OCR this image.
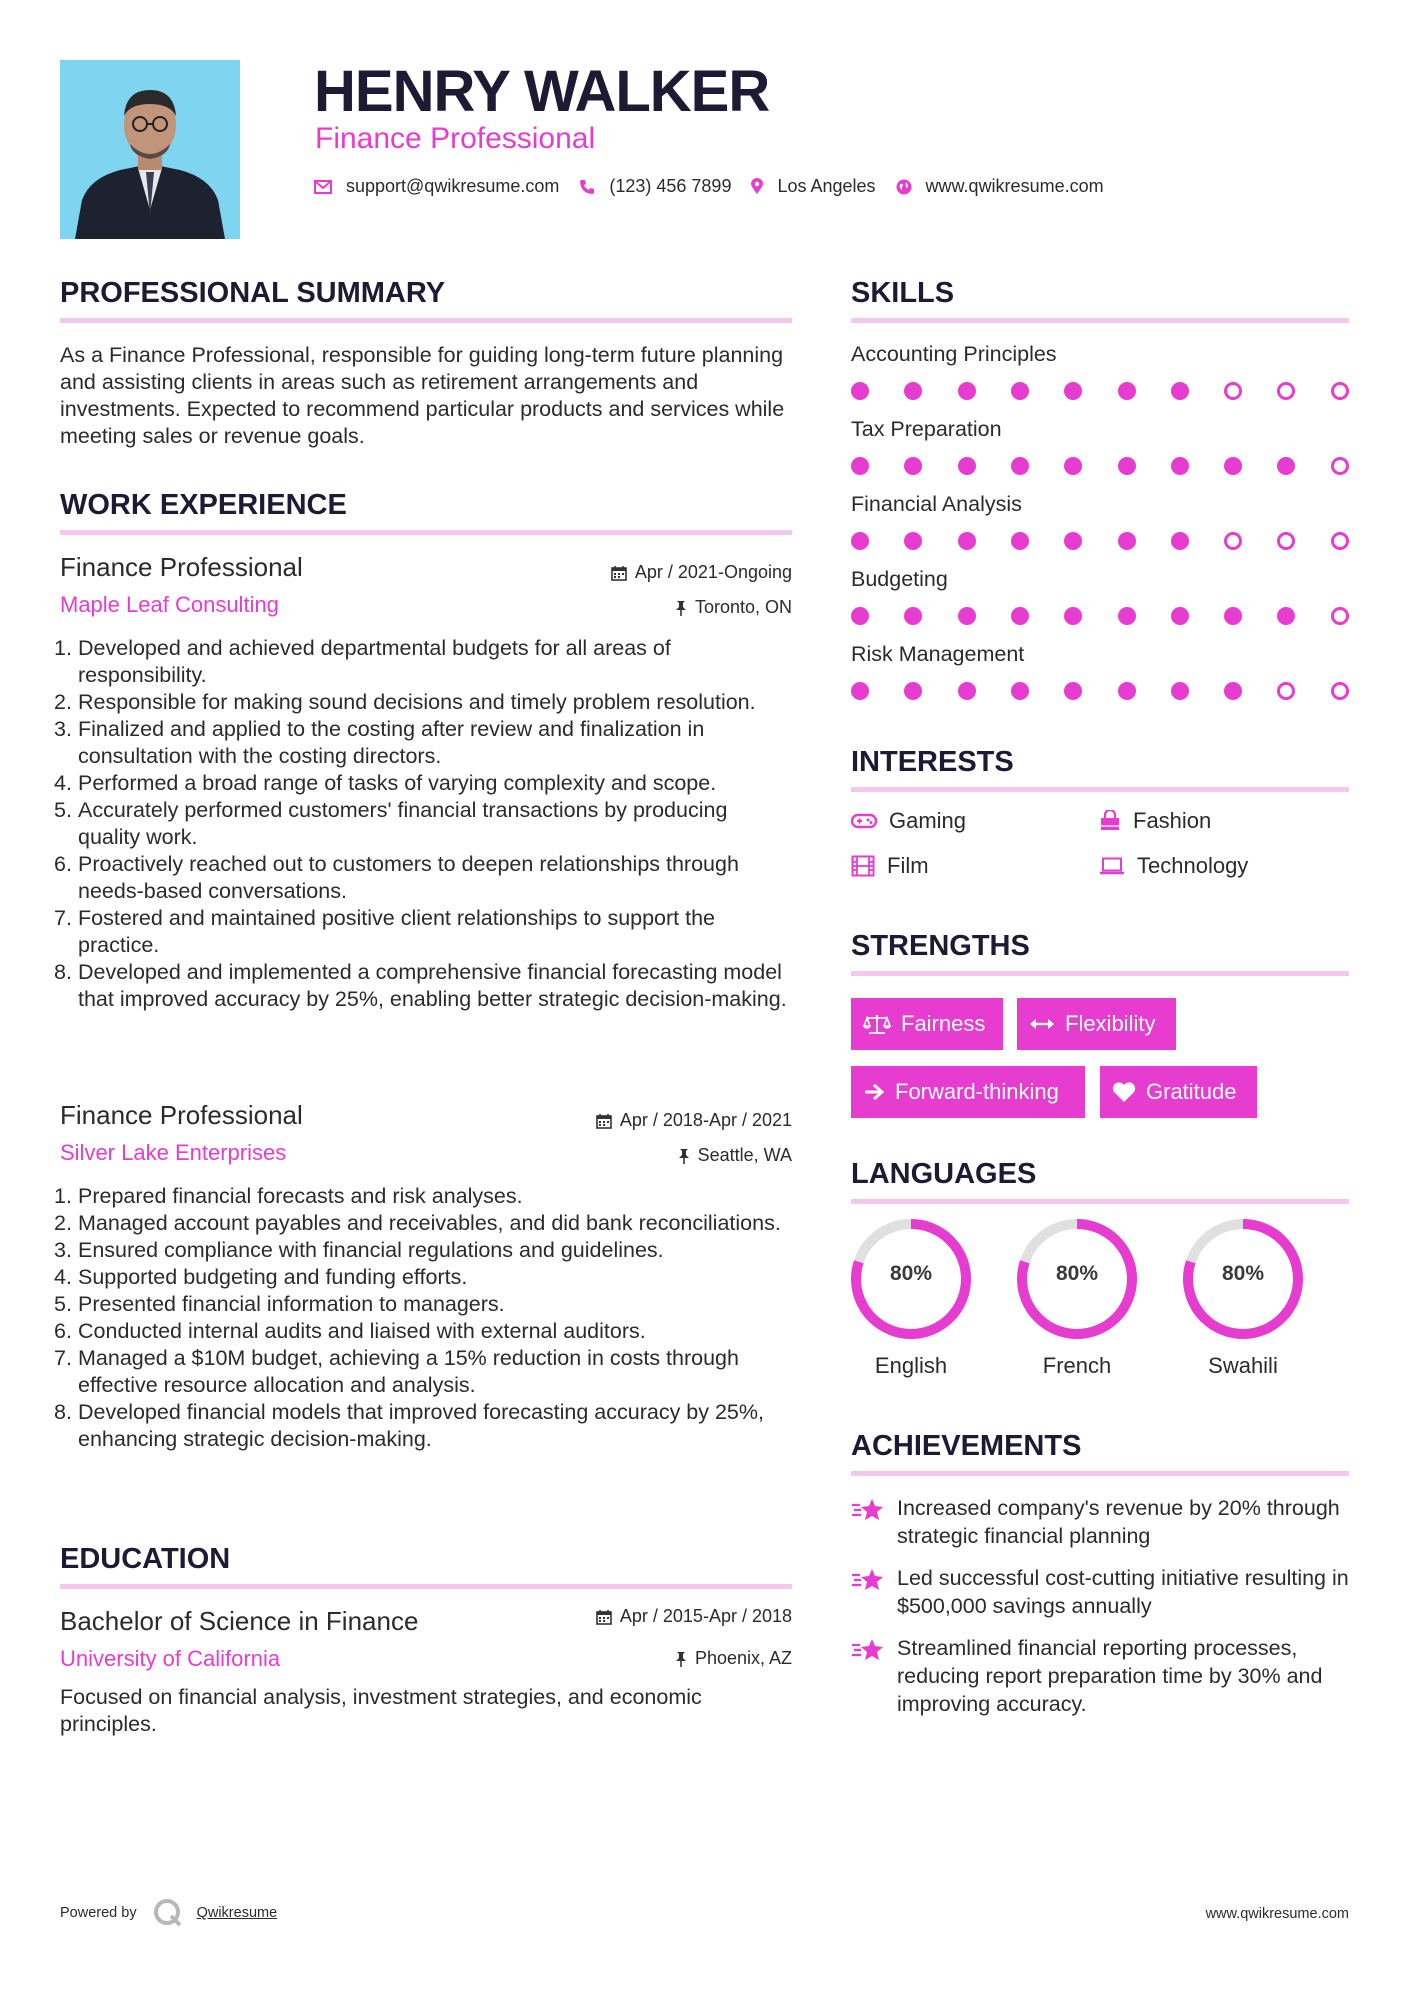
HENRY WALKER
Finance Professional
support@qwikresume.com	(123) 456 7899	Los Angeles	www.qwikresume.com
PROFESSIONAL SUMMARY
As a Finance Professional, responsible for guiding long-term future planning and assisting clients in areas such as retirement arrangements and investments. Expected to recommend particular products and services while meeting sales or revenue goals.
WORK EXPERIENCE
Finance Professional	Apr / 2021-Ongoing
Maple Leaf Consulting	Toronto, ON
Developed and achieved departmental budgets for all areas of responsibility.
Responsible for making sound decisions and timely problem resolution.
Finalized and applied to the costing after review and finalization in consultation with the costing directors.
Performed a broad range of tasks of varying complexity and scope.
Accurately performed customers' financial transactions by producing quality work.
Proactively reached out to customers to deepen relationships through needs-based conversations.
Fostered and maintained positive client relationships to support the practice.
Developed and implemented a comprehensive financial forecasting model that improved accuracy by 25%, enabling better strategic decision-making.
Finance Professional	Apr / 2018-Apr / 2021
Silver Lake Enterprises	Seattle, WA
Prepared financial forecasts and risk analyses.
Managed account payables and receivables, and did bank reconciliations.
Ensured compliance with financial regulations and guidelines.
Supported budgeting and funding efforts.
Presented financial information to managers.
Conducted internal audits and liaised with external auditors.
Managed a $10M budget, achieving a 15% reduction in costs through effective resource allocation and analysis.
Developed financial models that improved forecasting accuracy by 25%, enhancing strategic decision-making.
EDUCATION
Bachelor of Science in Finance	Apr / 2015-Apr / 2018
University of California	Phoenix, AZ
Focused on financial analysis, investment strategies, and economic principles.
SKILLS
Accounting Principles
Tax Preparation
Financial Analysis
Budgeting
Risk Management
INTERESTS
Gaming	Fashion
Film	Technology
STRENGTHS
Fairness	Flexibility
Forward-thinking	Gratitude
LANGUAGES
80%
English
80%
French
80%
Swahili
ACHIEVEMENTS
Increased company's revenue by 20% through strategic financial planning
Led successful cost-cutting initiative resulting in $500,000 savings annually
Streamlined financial reporting processes, reducing report preparation time by 30% and improving accuracy.
Powered by	Qwikresume	www.qwikresume.com
